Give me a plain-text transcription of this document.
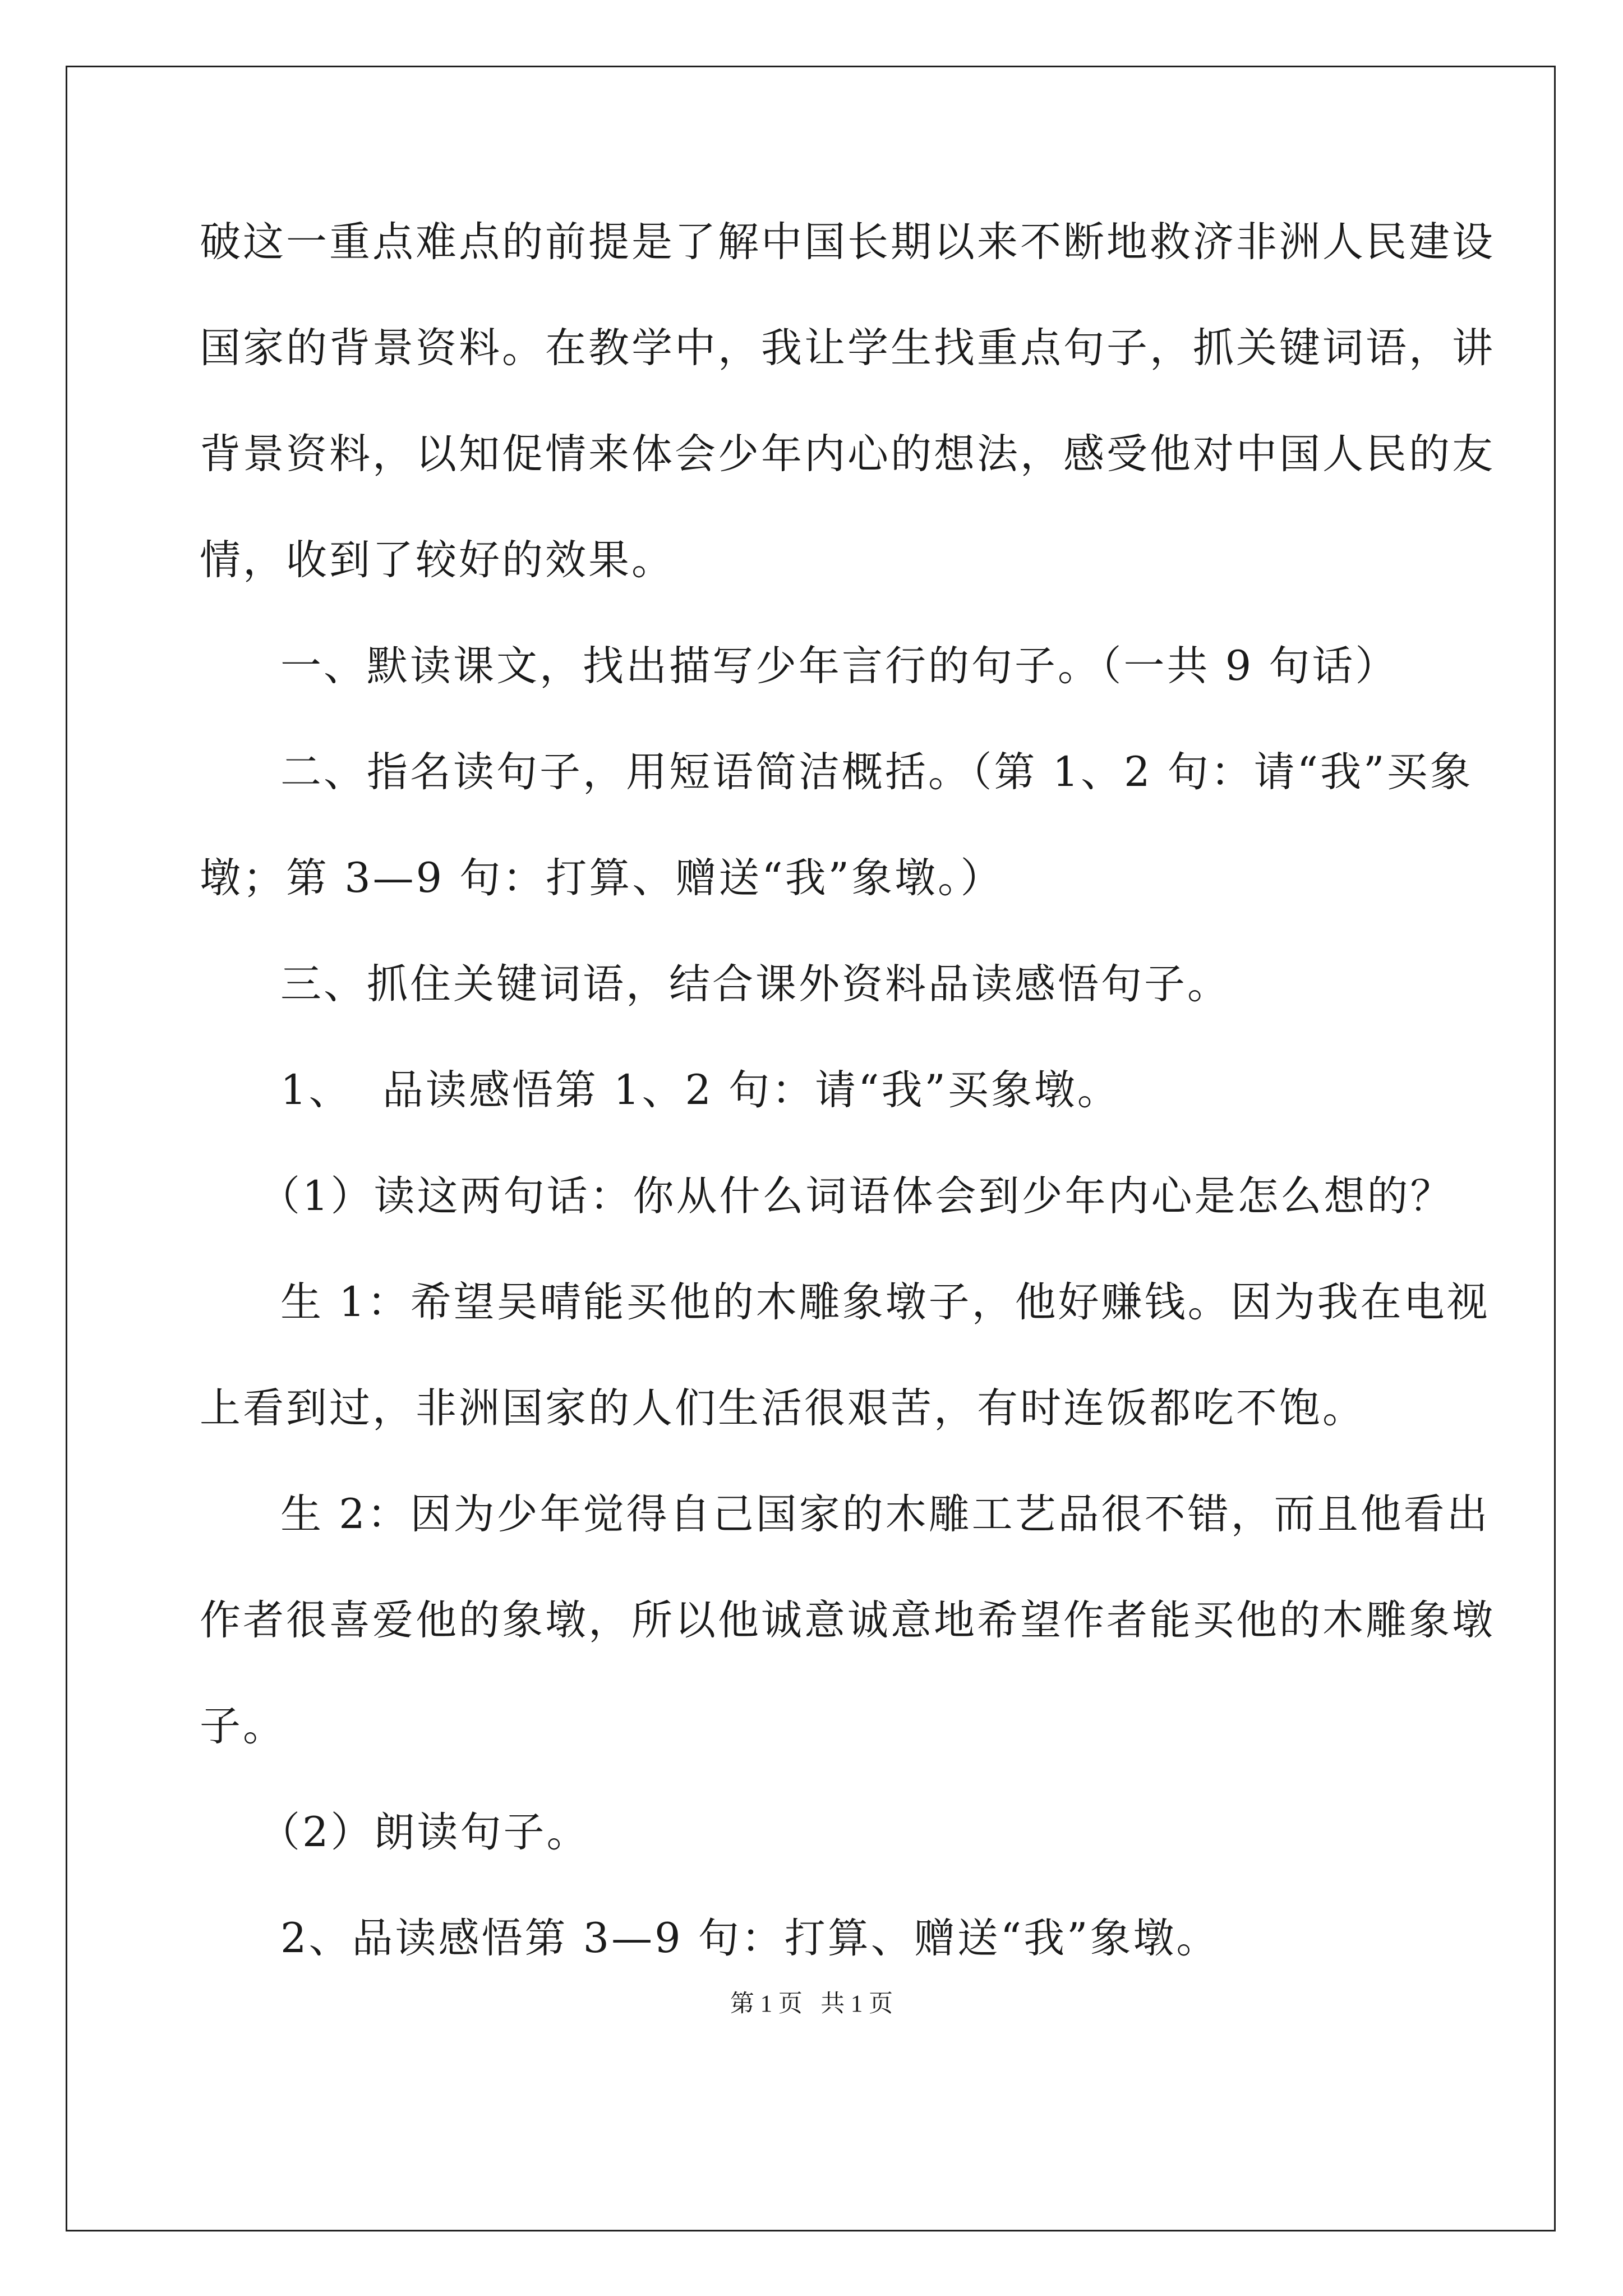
破这一重点难点的前提是了解中国长期以来不断地救济非洲人民建设
国家的背景资料。在教学中，我让学生找重点句子，抓关键词语，讲
背景资料，以知促情来体会少年内心的想法，感受他对中国人民的友
情，收到了较好的效果。
一、默读课文，找出描写少年言行的句子。（一共 9 句话）
二、指名读句子，用短语简洁概括。（第 1、2 句：请“我”买象
墩；第 3—9 句：打算、赠送“我”象墩。）
三、抓住关键词语，结合课外资料品读感悟句子。
1、  品读感悟第 1、2 句：请“我”买象墩。
（1）读这两句话：你从什么词语体会到少年内心是怎么想的？
生 1：希望吴晴能买他的木雕象墩子，他好赚钱。因为我在电视
上看到过，非洲国家的人们生活很艰苦，有时连饭都吃不饱。
生 2：因为少年觉得自己国家的木雕工艺品很不错，而且他看出
作者很喜爱他的象墩，所以他诚意诚意地希望作者能买他的木雕象墩
子。
（2）朗读句子。
2、品读感悟第 3—9 句：打算、赠送“我”象墩。
第 1 页   共 1 页
